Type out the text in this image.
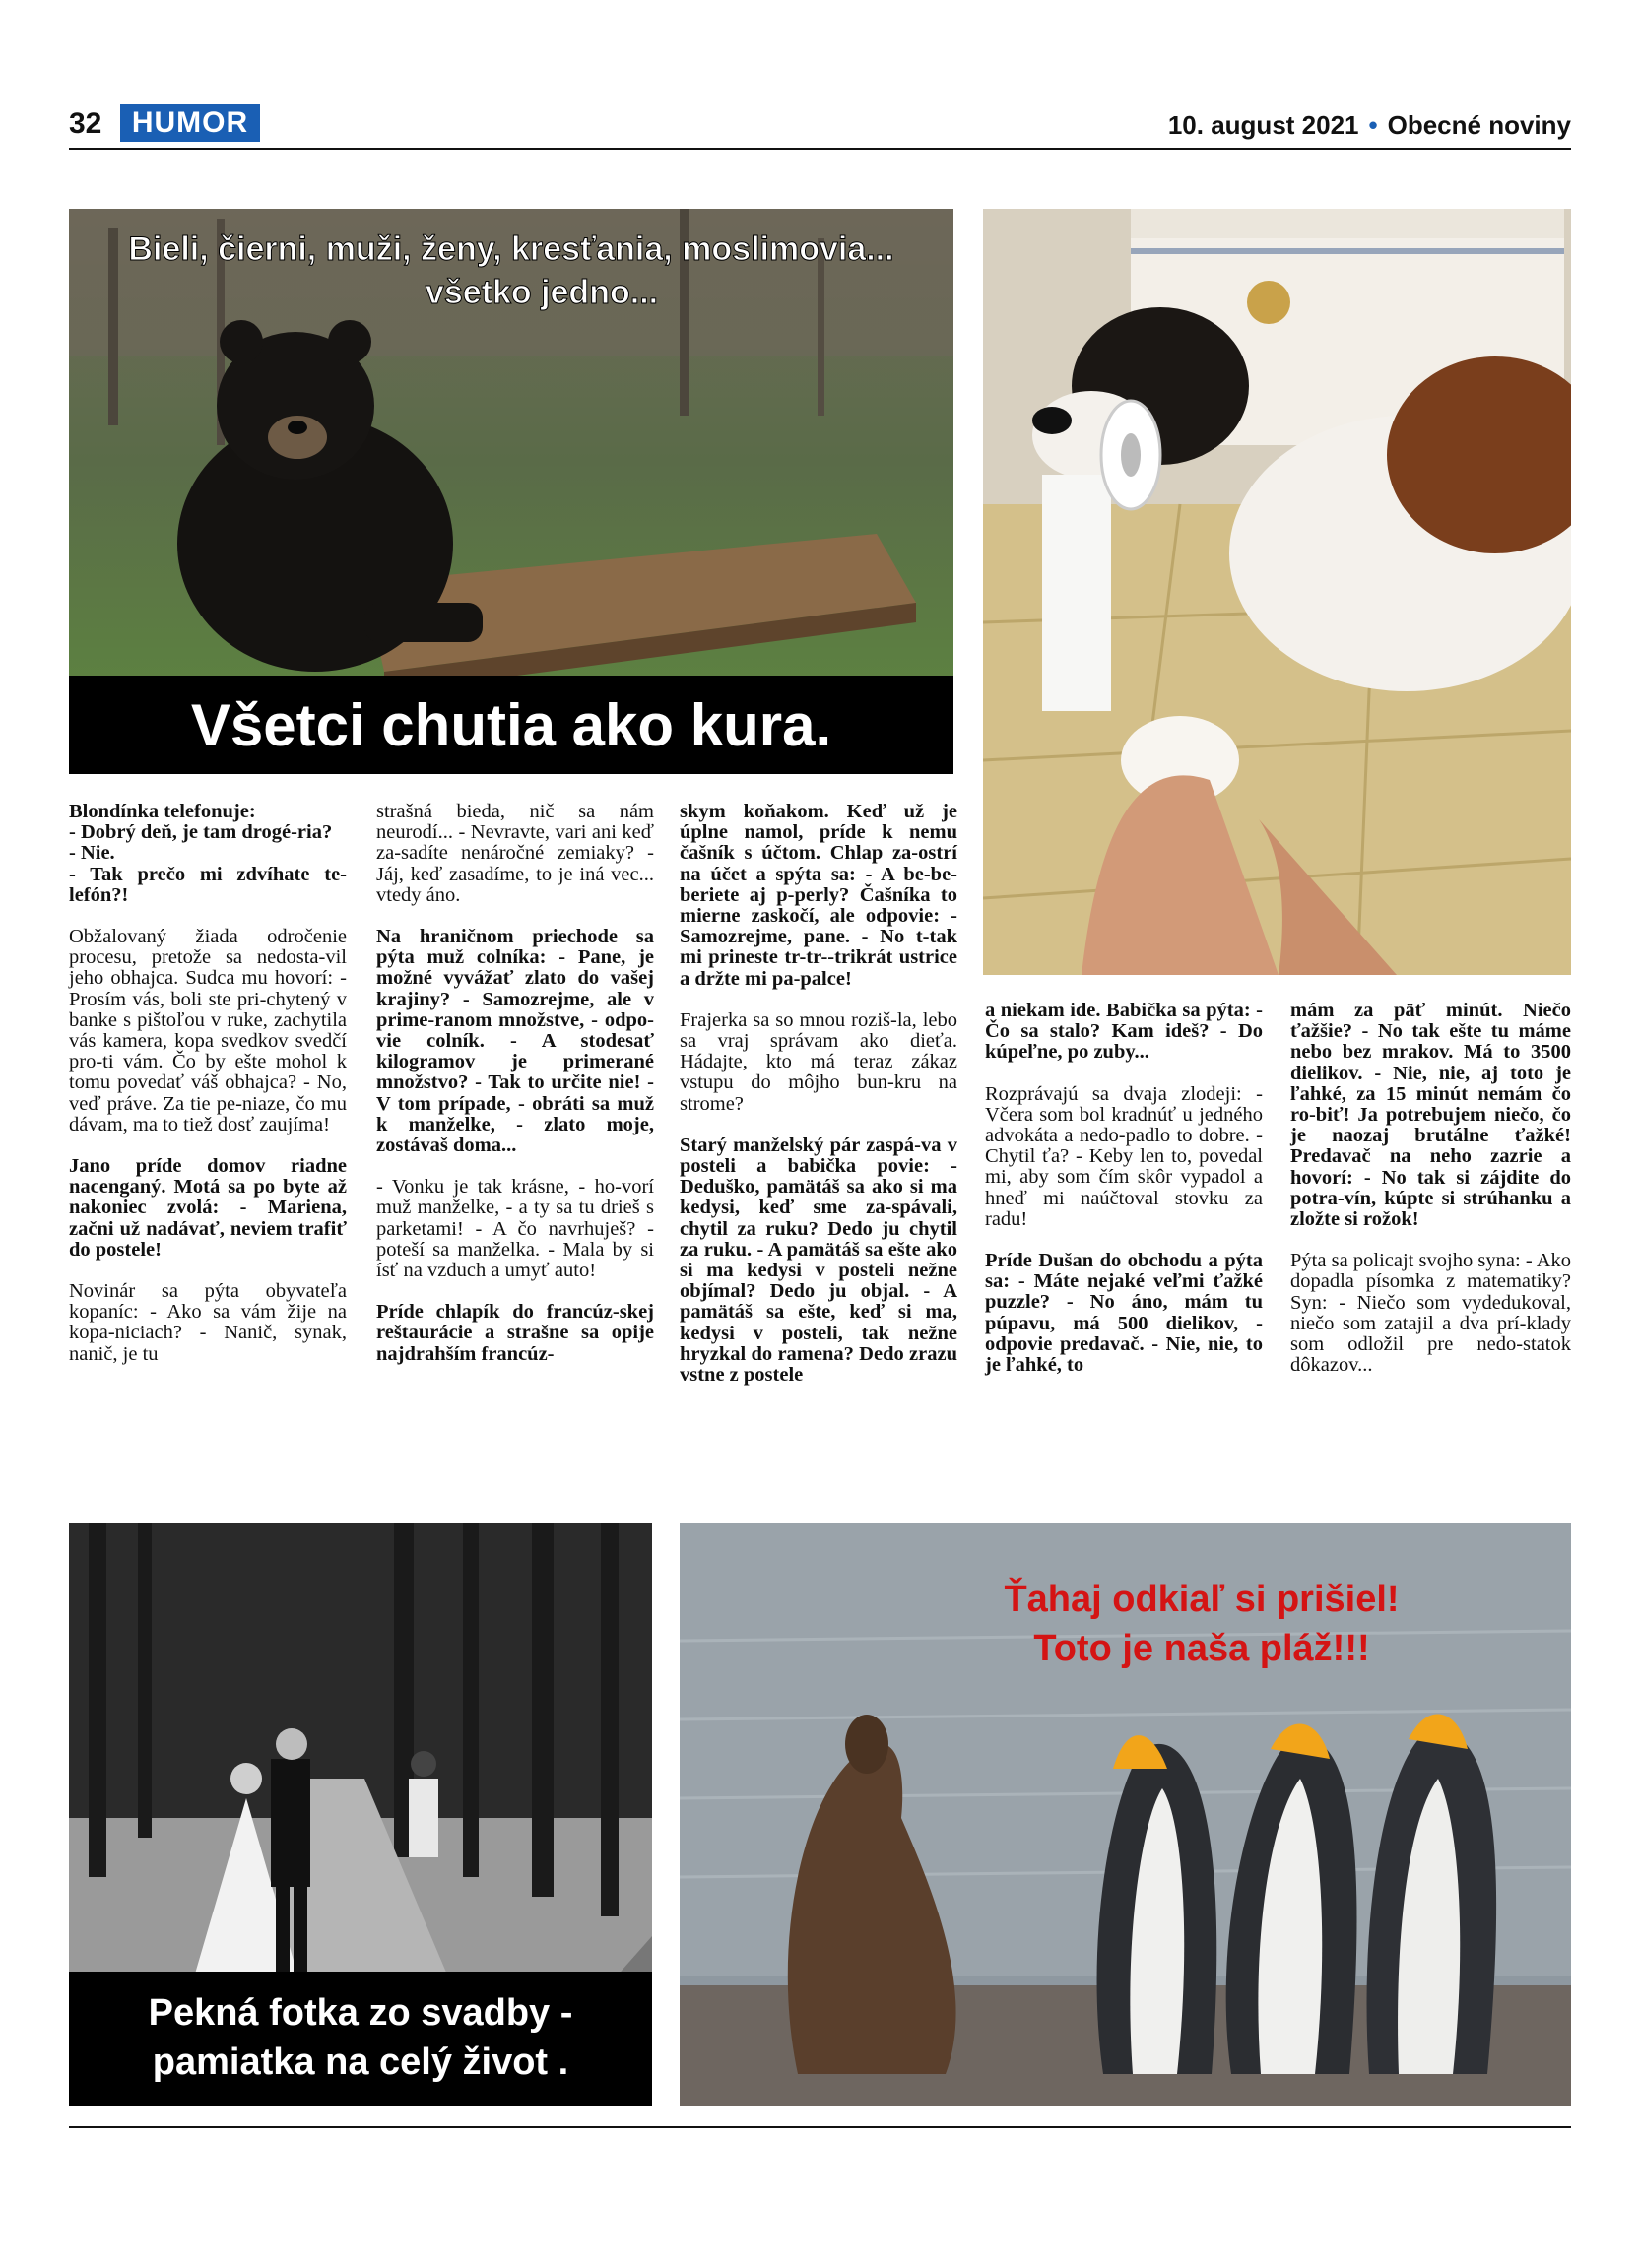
32	HUMOR	10. august 2021 • Obecné noviny
Bieli, čierni, muži, ženy, kresťania, moslimovia...
všetko jedno...
Všetci chutia ako kura.

Blondínka telefonuje:
- Dobrý deň, je tam drogé-ria?
- Nie.
- Tak prečo mi zdvíhate te-lefón?!

Obžalovaný žiada odročenie procesu, pretože sa nedosta-vil jeho obhajca. Sudca mu hovorí: - Prosím vás, boli ste pri-chytený v banke s pištoľou v ruke, zachytila vás kamera, kopa svedkov svedčí pro-ti vám. Čo by ešte mohol k tomu povedať váš obhajca? - No, veď práve. Za tie pe-niaze, čo mu dávam, ma to tiež dosť zaujíma!

Jano príde domov riadne nacenganý. Motá sa po byte až nakoniec zvolá: - Mariena, začni už nadávať, neviem trafiť do postele!

Novinár sa pýta obyvateľa kopaníc: - Ako sa vám žije na kopa-niciach? - Nanič, synak, nanič, je tu

strašná bieda, nič sa nám neurodí... - Nevravte, vari ani keď za-sadíte nenáročné zemiaky? - Jáj, keď zasadíme, to je iná vec... vtedy áno.

Na hraničnom priechode sa pýta muž colníka: - Pane, je možné vyvážať zlato do vašej krajiny? - Samozrejme, ale v prime-ranom množstve, - odpo-vie colník. - A stodesať kilogramov je primerané množstvo? - Tak to určite nie! - V tom prípade, - obráti sa muž k manželke, - zlato moje, zostávaš doma...

- Vonku je tak krásne, - ho-vorí muž manželke, - a ty sa tu drieš s parketami! - A čo navrhuješ? - poteší sa manželka. - Mala by si ísť na vzduch a umyť auto!

Príde chlapík do francúz-skej reštaurácie a strašne sa opije najdrahším francúz-

skym koňakom. Keď už je úplne namol, príde k nemu čašník s účtom. Chlap za-ostrí na účet a spýta sa: - A be-be-beriete aj p-perly? Čašníka to mierne zaskočí, ale odpovie: - Samozrejme, pane. - No t-tak mi prineste tr-tr--trikrát ustrice a držte mi pa-palce!

Frajerka sa so mnou roziš-la, lebo sa vraj správam ako dieťa. Hádajte, kto má teraz zákaz vstupu do môjho bun-kru na strome?

Starý manželský pár zaspá-va v posteli a babička povie: - Deduško, pamätáš sa ako si ma kedysi, keď sme za-spávali, chytil za ruku? Dedo ju chytil za ruku. - A pamätáš sa ešte ako si ma kedysi v posteli nežne objímal? Dedo ju objal. - A pamätáš sa ešte, keď si ma, kedysi v posteli, tak nežne hryzkal do ramena? Dedo zrazu vstne z postele

a niekam ide. Babička sa pýta: - Čo sa stalo? Kam ideš? - Do kúpeľne, po zuby...

Rozprávajú sa dvaja zlodeji: - Včera som bol kradnúť u jedného advokáta a nedo-padlo to dobre. - Chytil ťa? - Keby len to, povedal mi, aby som čím skôr vypadol a hneď mi naúčtoval stovku za radu!

Príde Dušan do obchodu a pýta sa: - Máte nejaké veľmi ťažké puzzle? - No áno, mám tu púpavu, má 500 dielikov, - odpovie predavač. - Nie, nie, to je ľahké, to

mám za päť minút. Niečo ťažšie? - No tak ešte tu máme nebo bez mrakov. Má to 3500 dielikov. - Nie, nie, aj toto je ľahké, za 15 minút nemám čo ro-biť! Ja potrebujem niečo, čo je naozaj brutálne ťažké! Predavač na neho zazrie a hovorí: - No tak si zájdite do potra-vín, kúpte si strúhanku a zložte si rožok!

Pýta sa policajt svojho syna: - Ako dopadla písomka z matematiky? Syn: - Niečo som vydedukoval, niečo som zatajil a dva prí-klady som odložil pre nedo-statok dôkazov...

Pekná fotka zo svadby -
pamiatka na celý život .
Ťahaj odkiaľ si prišiel!
Toto je naša pláž!!!
